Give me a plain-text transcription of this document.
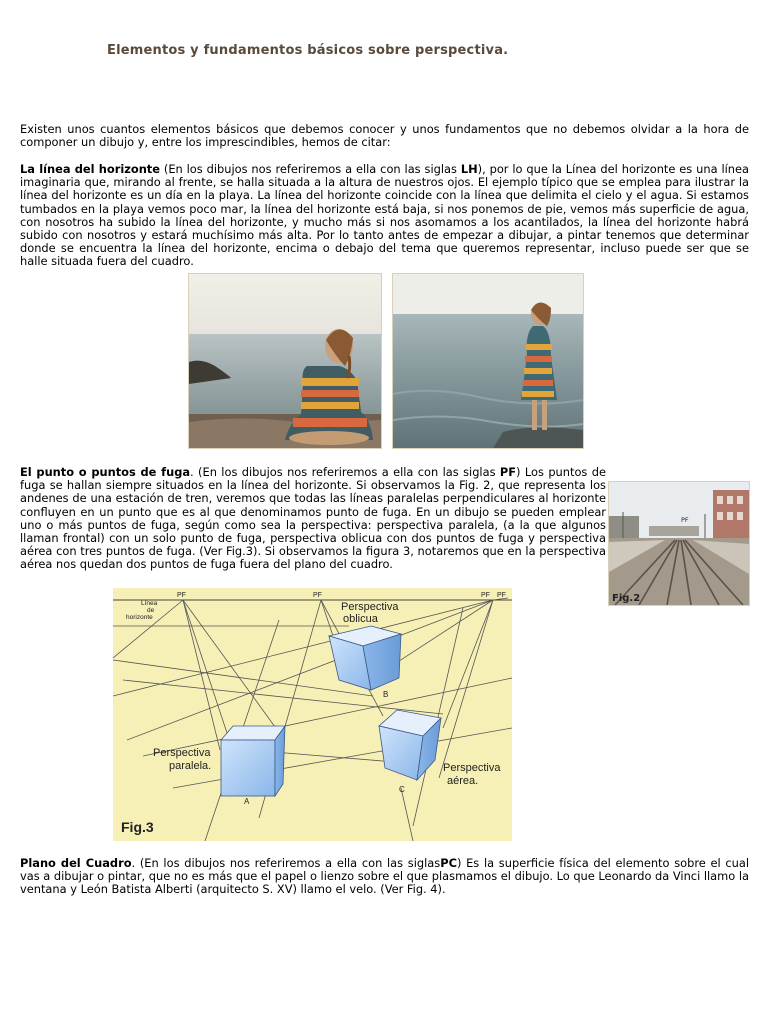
Elementos y fundamentos básicos sobre perspectiva.

Existen unos cuantos elementos básicos que debemos conocer y unos fundamentos que no debemos olvidar a la hora de componer un dibujo y, entre los imprescindibles, hemos de citar:

La línea del horizonte (En los dibujos nos referiremos a ella con las siglas LH), por lo que la Línea del horizonte es una línea imaginaria que, mirando al frente, se halla situada a la altura de nuestros ojos. El ejemplo típico que se emplea para ilustrar la línea del horizonte es un día en la playa. La línea del horizonte coincide con la línea que delimita el cielo y el agua. Si estamos tumbados en la playa vemos poco mar, la línea del horizonte está baja, si nos ponemos de pie, vemos más superficie de agua, con nosotros ha subido la línea del horizonte, y mucho más si nos asomamos a los acantilados, la línea del horizonte habrá subido con nosotros y estará muchísimo más alta. Por lo tanto antes de empezar a dibujar, a pintar tenemos que determinar donde se encuentra la línea del horizonte, encima o debajo del tema que queremos representar, incluso puede ser que se halle situada fuera del cuadro.

El punto o puntos de fuga. (En los dibujos nos referiremos a ella con las siglas PF) Los puntos de fuga se hallan siempre situados en la línea del horizonte. Si observamos la Fig. 2, que representa los andenes de una estación de tren, veremos que todas las líneas paralelas perpendiculares al horizonte confluyen en un punto que es al que denominamos punto de fuga. En un dibujo se pueden emplear uno o más puntos de fuga, según como sea la perspectiva: perspectiva paralela, (a la que algunos llaman frontal) con un solo punto de fuga, perspectiva oblicua con dos puntos de fuga y perspectiva aérea con tres puntos de fuga. (Ver Fig.3). Si observamos la figura 3, notaremos que en la perspectiva aérea nos quedan dos puntos de fuga fuera del plano del cuadro.

PF
Fig.2
Línea
de
horizonte
PF	PF	PF PF
Perspectiva
oblicua
Perspectiva
paralela.	Perspectiva
aérea.
A
B
C
Fig.3

Plano del Cuadro. (En los dibujos nos referiremos a ella con las siglasPC) Es la superficie física del elemento sobre el cual vas a dibujar o pintar, que no es más que el papel o lienzo sobre el que plasmamos el dibujo. Lo que Leonardo da Vinci llamo la ventana y León Batista Alberti (arquitecto S. XV) llamo el velo. (Ver Fig. 4).
